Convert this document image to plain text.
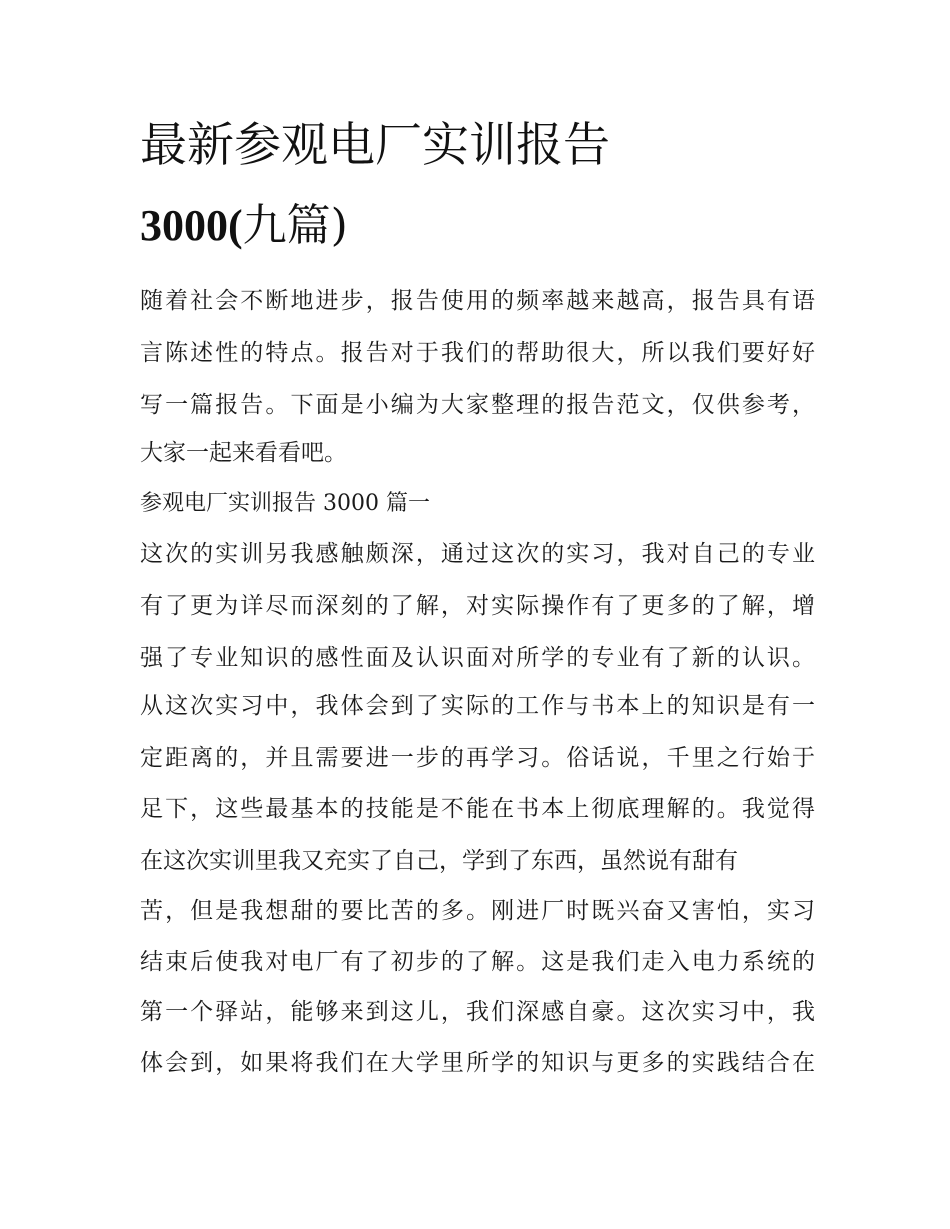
最新参观电厂实训报告
3000(九篇)

随着社会不断地进步，报告使用的频率越来越高，报告具有语

言陈述性的特点。报告对于我们的帮助很大，所以我们要好好

写一篇报告。下面是小编为大家整理的报告范文，仅供参考，

大家一起来看看吧。

参观电厂实训报告 3000 篇一

这次的实训另我感触颇深，通过这次的实习，我对自己的专业

有了更为详尽而深刻的了解，对实际操作有了更多的了解，增

强了专业知识的感性面及认识面对所学的专业有了新的认识。

从这次实习中，我体会到了实际的工作与书本上的知识是有一

定距离的，并且需要进一步的再学习。俗话说，千里之行始于

足下，这些最基本的技能是不能在书本上彻底理解的。我觉得

在这次实训里我又充实了自己，学到了东西，虽然说有甜有

苦，但是我想甜的要比苦的多。刚进厂时既兴奋又害怕，实习

结束后使我对电厂有了初步的了解。这是我们走入电力系统的

第一个驿站，能够来到这儿，我们深感自豪。这次实习中，我

体会到，如果将我们在大学里所学的知识与更多的实践结合在
